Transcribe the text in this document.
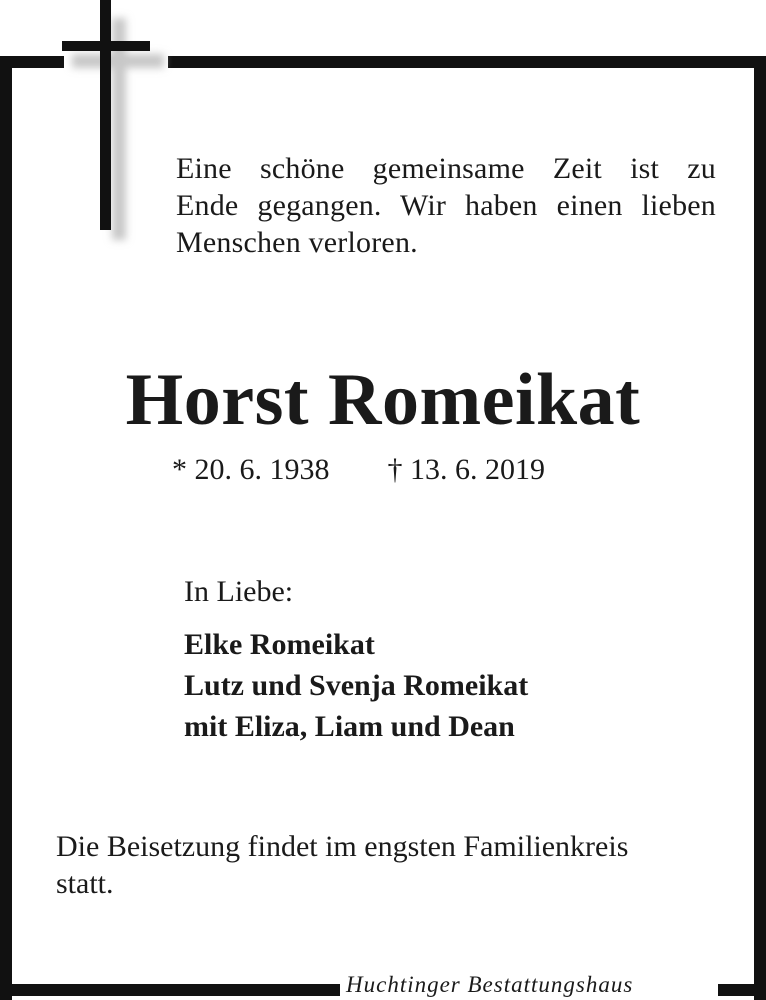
Eine schöne gemeinsame Zeit ist zu
Ende gegangen. Wir haben einen lieben
Menschen verloren.
Horst Romeikat
* 20. 6. 1938 † 13. 6. 2019
In Liebe:
Elke Romeikat
Lutz und Svenja Romeikat
mit Eliza, Liam und Dean
Die Beisetzung findet im engsten Familienkreis
statt.
Huchtinger Bestattungshaus
